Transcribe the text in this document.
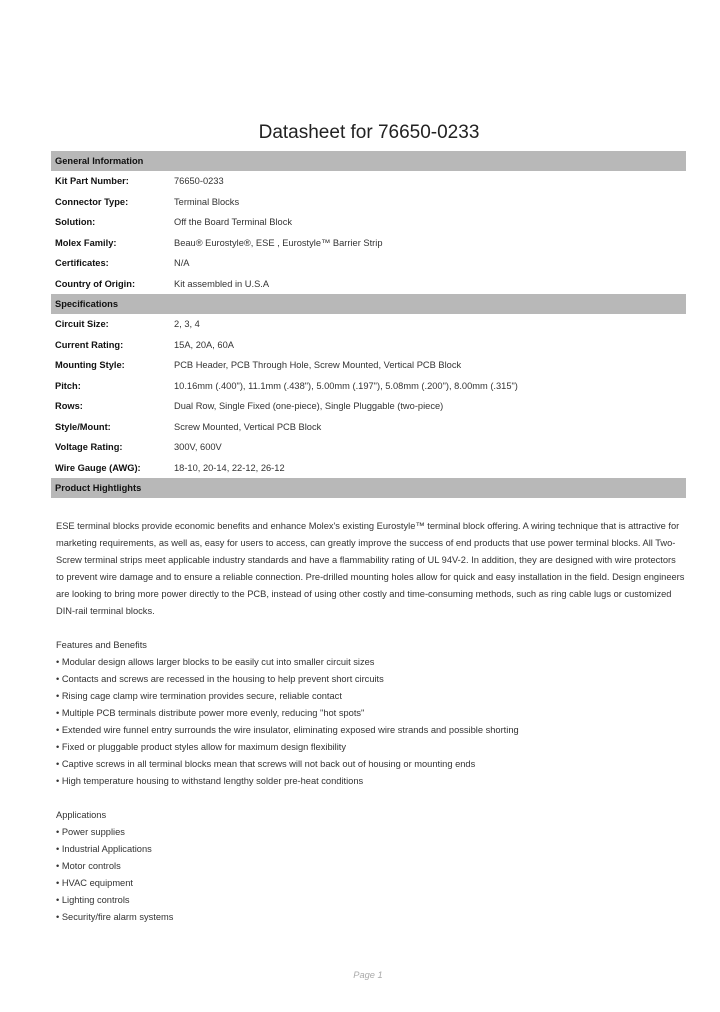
Datasheet for 76650-0233
General Information	
Kit Part Number:	76650-0233
Connector Type:	Terminal Blocks
Solution:	Off the Board Terminal Block
Molex Family:	Beau® Eurostyle®, ESE , Eurostyle™ Barrier Strip
Certificates:	N/A
Country of Origin:	Kit assembled in U.S.A
Specifications	
Circuit Size:	2, 3, 4
Current Rating:	15A, 20A, 60A
Mounting Style:	PCB Header, PCB Through Hole, Screw Mounted, Vertical PCB Block
Pitch:	10.16mm (.400"), 11.1mm (.438"), 5.00mm (.197"), 5.08mm (.200"), 8.00mm (.315")
Rows:	Dual Row, Single Fixed (one-piece), Single Pluggable (two-piece)
Style/Mount:	Screw Mounted, Vertical PCB Block
Voltage Rating:	300V, 600V
Wire Gauge (AWG):	18-10, 20-14, 22-12, 26-12
Product Hightlights	

ESE terminal blocks provide economic benefits and enhance Molex's existing Eurostyle™ terminal block offering. A wiring technique that is attractive for marketing requirements, as well as, easy for users to access, can greatly improve the success of end products that use power terminal blocks. All Two-Screw terminal strips meet applicable industry standards and have a flammability rating of UL 94V-2. In addition, they are designed with wire protectors to prevent wire damage and to ensure a reliable connection. Pre-drilled mounting holes allow for quick and easy installation in the field. Design engineers are looking to bring more power directly to the PCB, instead of using other costly and time-consuming methods, such as ring cable lugs or customized DIN-rail terminal blocks.

Features and Benefits

• Modular design allows larger blocks to be easily cut into smaller circuit sizes
• Contacts and screws are recessed in the housing to help prevent short circuits
• Rising cage clamp wire termination provides secure, reliable contact
• Multiple PCB terminals distribute power more evenly, reducing "hot spots"
• Extended wire funnel entry surrounds the wire insulator, eliminating exposed wire strands and possible shorting
• Fixed or pluggable product styles allow for maximum design flexibility
• Captive screws in all terminal blocks mean that screws will not back out of housing or mounting ends
• High temperature housing to withstand lengthy solder pre-heat conditions

Applications

• Power supplies
• Industrial Applications
• Motor controls
• HVAC equipment
• Lighting controls
• Security/fire alarm systems
Page 1
